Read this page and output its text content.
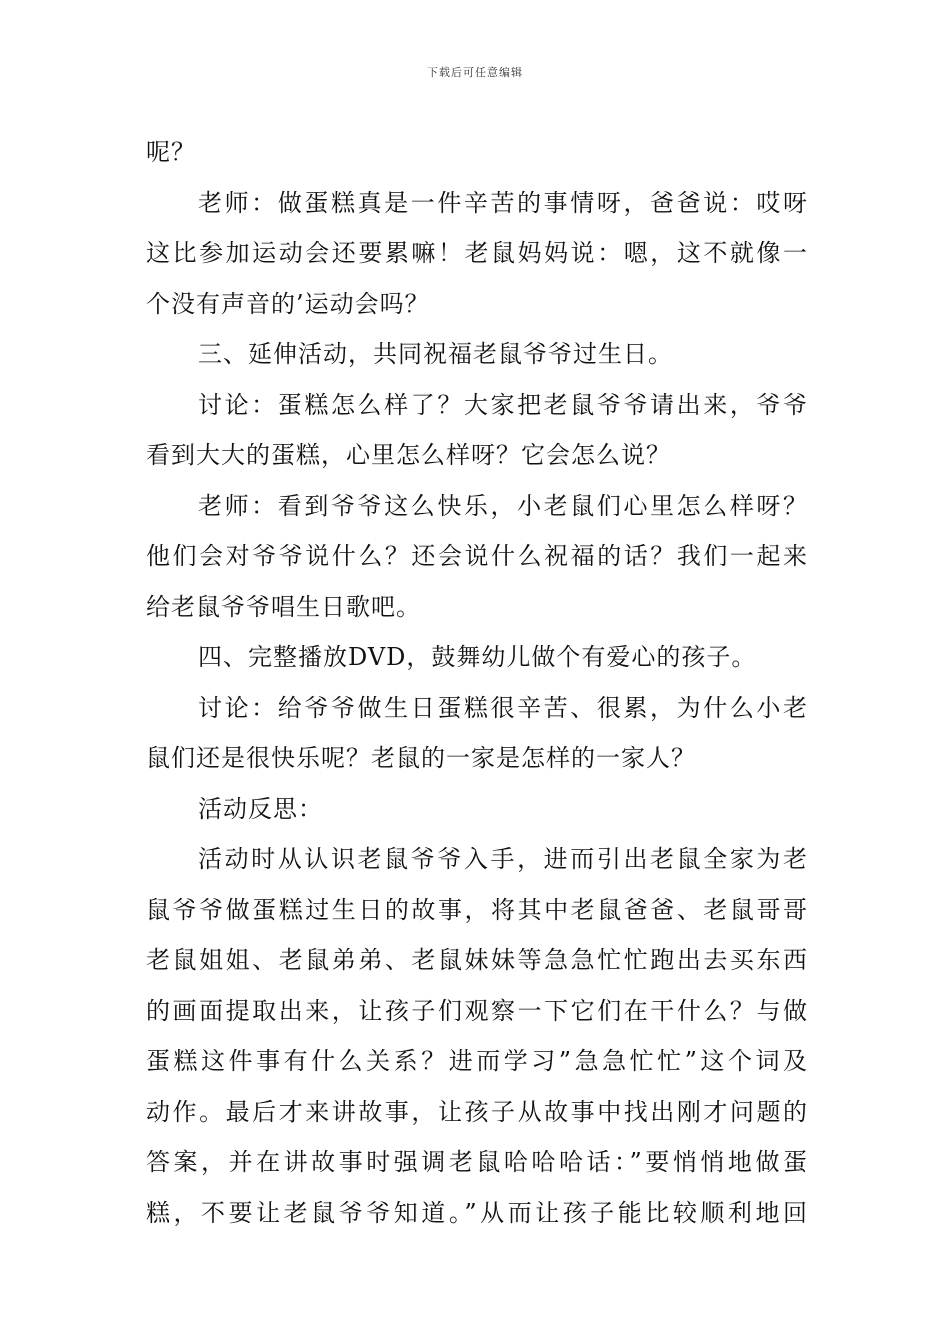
下载后可任意编辑
呢？
老师：做蛋糕真是一件辛苦的事情呀，爸爸说：哎呀
这比参加运动会还要累嘛！老鼠妈妈说：嗯，这不就像一
个没有声音的’运动会吗？
三、延伸活动，共同祝福老鼠爷爷过生日。
讨论：蛋糕怎么样了？大家把老鼠爷爷请出来，爷爷
看到大大的蛋糕，心里怎么样呀？它会怎么说？
老师：看到爷爷这么快乐，小老鼠们心里怎么样呀？
他们会对爷爷说什么？还会说什么祝福的话？我们一起来
给老鼠爷爷唱生日歌吧。
四、完整播放DVD，鼓舞幼儿做个有爱心的孩子。
讨论：给爷爷做生日蛋糕很辛苦、很累，为什么小老
鼠们还是很快乐呢？老鼠的一家是怎样的一家人？
活动反思：
活动时从认识老鼠爷爷入手，进而引出老鼠全家为老
鼠爷爷做蛋糕过生日的故事，将其中老鼠爸爸、老鼠哥哥
老鼠姐姐、老鼠弟弟、老鼠妹妹等急急忙忙跑出去买东西
的画面提取出来，让孩子们观察一下它们在干什么？与做
蛋糕这件事有什么关系？进而学习”急急忙忙”这个词及
动作。最后才来讲故事，让孩子从故事中找出刚才问题的
答案，并在讲故事时强调老鼠哈哈哈话：”要悄悄地做蛋
糕，不要让老鼠爷爷知道。”从而让孩子能比较顺利地回
